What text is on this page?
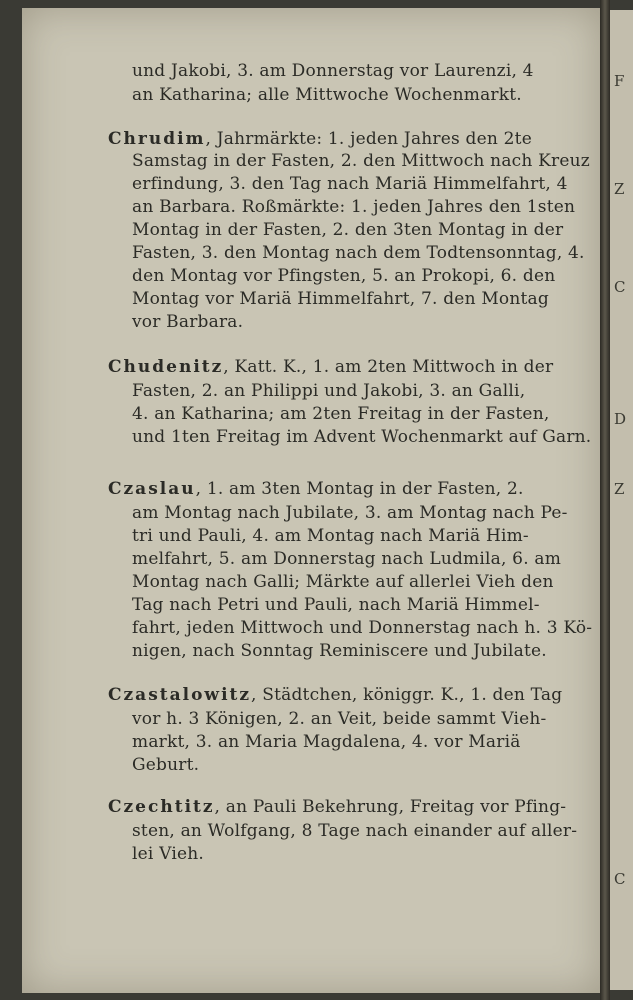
F
Z
C
D
Z
C
und Jakobi, 3. am Donnerstag vor Laurenzi, 4
an Katharina; alle Mittwoche Wochenmarkt.
Chrudim, Jahrmärkte: 1. jeden Jahres den 2te
Samstag in der Fasten, 2. den Mittwoch nach Kreuz
erfindung, 3. den Tag nach Mariä Himmelfahrt, 4
an Barbara. Roßmärkte: 1. jeden Jahres den 1sten
Montag in der Fasten, 2. den 3ten Montag in der
Fasten, 3. den Montag nach dem Todtensonntag, 4.
den Montag vor Pfingsten, 5. an Prokopi, 6. den
Montag vor Mariä Himmelfahrt, 7. den Montag
vor Barbara.
Chudenitz, Katt. K., 1. am 2ten Mittwoch in der
Fasten, 2. an Philippi und Jakobi, 3. an Galli,
4. an Katharina; am 2ten Freitag in der Fasten,
und 1ten Freitag im Advent Wochenmarkt auf Garn.
Czaslau, 1. am 3ten Montag in der Fasten, 2.
am Montag nach Jubilate, 3. am Montag nach Pe-
tri und Pauli, 4. am Montag nach Mariä Him-
melfahrt, 5. am Donnerstag nach Ludmila, 6. am
Montag nach Galli; Märkte auf allerlei Vieh den
Tag nach Petri und Pauli, nach Mariä Himmel-
fahrt, jeden Mittwoch und Donnerstag nach h. 3 Kö-
nigen, nach Sonntag Reminiscere und Jubilate.
Czastalowitz, Städtchen, königgr. K., 1. den Tag
vor h. 3 Königen, 2. an Veit, beide sammt Vieh-
markt, 3. an Maria Magdalena, 4. vor Mariä
Geburt.
Czechtitz, an Pauli Bekehrung, Freitag vor Pfing-
sten, an Wolfgang, 8 Tage nach einander auf aller-
lei Vieh.
